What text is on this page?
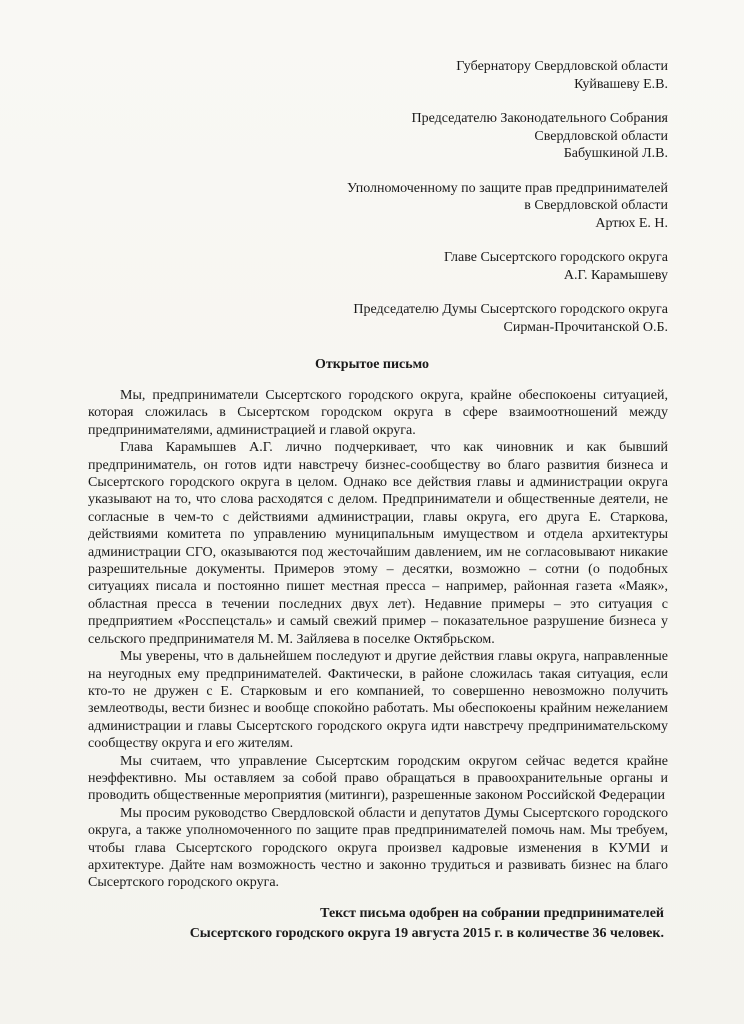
Губернатору Свердловской области
Куйвашеву Е.В.
Председателю Законодательного Собрания
Свердловской области
Бабушкиной Л.В.
Уполномоченному по защите прав предпринимателей
в Свердловской области
Артюх Е. Н.
Главе Сысертского городского округа
А.Г. Карамышеву
Председателю Думы Сысертского городского округа
Сирман-Прочитанской О.Б.
Открытое письмо

Мы, предприниматели Сысертского городского округа, крайне обеспокоены ситуацией, которая сложилась в Сысертском городском округа в сфере взаимоотношений между предпринимателями, администрацией и главой округа.

Глава Карамышев А.Г. лично подчеркивает, что как чиновник и как бывший предприниматель, он готов идти навстречу бизнес-сообществу во благо развития бизнеса и Сысертского городского округа в целом. Однако все действия главы и администрации округа указывают на то, что слова расходятся с делом. Предприниматели и общественные деятели, не согласные в чем-то с действиями администрации, главы округа, его друга Е. Старкова, действиями комитета по управлению муниципальным имуществом и отдела архитектуры администрации СГО, оказываются под жесточайшим давлением, им не согласовывают никакие разрешительные документы. Примеров этому – десятки, возможно – сотни (о подобных ситуациях писала и постоянно пишет местная пресса – например, районная газета «Маяк», областная пресса в течении последних двух лет). Недавние примеры – это ситуация с предприятием «Росспецсталь» и самый свежий пример – показательное разрушение бизнеса у сельского предпринимателя М. М. Зайляева в поселке Октябрьском.

Мы уверены, что в дальнейшем последуют и другие действия главы округа, направленные на неугодных ему предпринимателей. Фактически, в районе сложилась такая ситуация, если кто-то не дружен с Е. Старковым и его компанией, то совершенно невозможно получить землеотводы, вести бизнес и вообще спокойно работать. Мы обеспокоены крайним нежеланием администрации и главы Сысертского городского округа идти навстречу предпринимательскому сообществу округа и его жителям.

Мы считаем, что управление Сысертским городским округом сейчас ведется крайне неэффективно. Мы оставляем за собой право обращаться в правоохранительные органы и проводить общественные мероприятия (митинги), разрешенные законом Российской Федерации

Мы просим руководство Свердловской области и депутатов Думы Сысертского городского округа, а также уполномоченного по защите прав предпринимателей помочь нам. Мы требуем, чтобы глава Сысертского городского округа произвел кадровые изменения в КУМИ и архитектуре. Дайте нам возможность честно и законно трудиться и развивать бизнес на благо Сысертского городского округа.

Текст письма одобрен на собрании предпринимателей
Сысертского городского округа 19 августа 2015 г. в количестве 36 человек.
